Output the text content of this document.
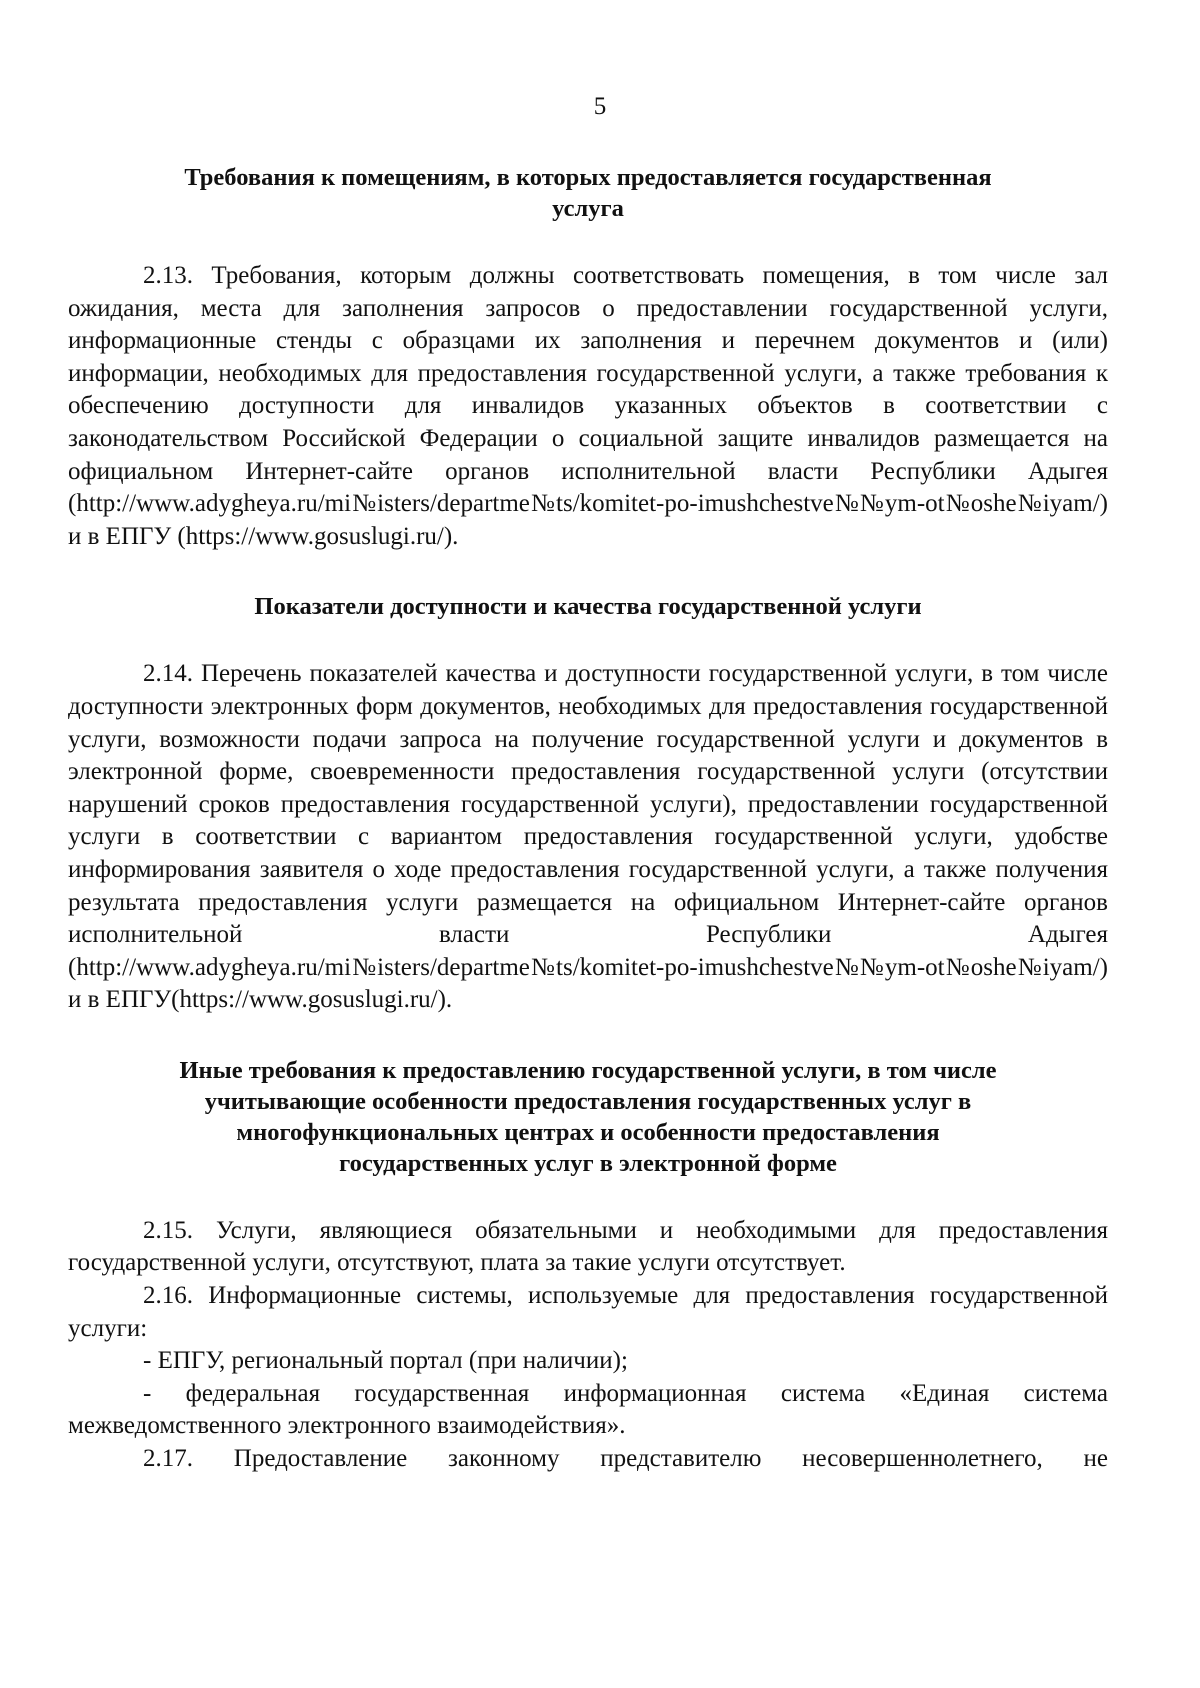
5
Требования к помещениям, в которых предоставляется государственная
услуга

2.13. Требования, которым должны соответствовать помещения, в том числе зал ожидания, места для заполнения запросов о предоставлении государственной услуги, информационные стенды с образцами их заполнения и перечнем документов и (или) информации, необходимых для предоставления государственной услуги, а также требования к обеспечению доступности для инвалидов указанных объектов в соответствии с законодательством Российской Федерации о социальной защите инвалидов размещается на официальном Интернет-сайте органов исполнительной власти Республики Адыгея (http://www.adygheya.ru/mi№isters/departme№ts/komitet-po-imushchestve№№ym-ot№oshe№iyam/) и в ЕПГУ (https://www.gosuslugi.ru/).

Показатели доступности и качества государственной услуги

2.14. Перечень показателей качества и доступности государственной услуги, в том числе доступности электронных форм документов, необходимых для предоставления государственной услуги, возможности подачи запроса на получение государственной услуги и документов в электронной форме, своевременности предоставления государственной услуги (отсутствии нарушений сроков предоставления государственной услуги), предоставлении государственной услуги в соответствии с вариантом предоставления государственной услуги, удобстве информирования заявителя о ходе предоставления государственной услуги, а также получения результата предоставления услуги размещается на официальном Интернет-сайте органов исполнительной власти Республики Адыгея (http://www.adygheya.ru/mi№isters/departme№ts/komitet-po-imushchestve№№ym-ot№oshe№iyam/) и в ЕПГУ(https://www.gosuslugi.ru/).

Иные требования к предоставлению государственной услуги, в том числе
учитывающие особенности предоставления государственных услуг в
многофункциональных центрах и особенности предоставления
государственных услуг в электронной форме

2.15. Услуги, являющиеся обязательными и необходимыми для предоставления государственной услуги, отсутствуют, плата за такие услуги отсутствует.

2.16. Информационные системы, используемые для предоставления государственной услуги:

- ЕПГУ, региональный портал (при наличии);

- федеральная государственная информационная система «Единая система межведомственного электронного взаимодействия».

2.17. Предоставление законному представителю несовершеннолетнего, не
